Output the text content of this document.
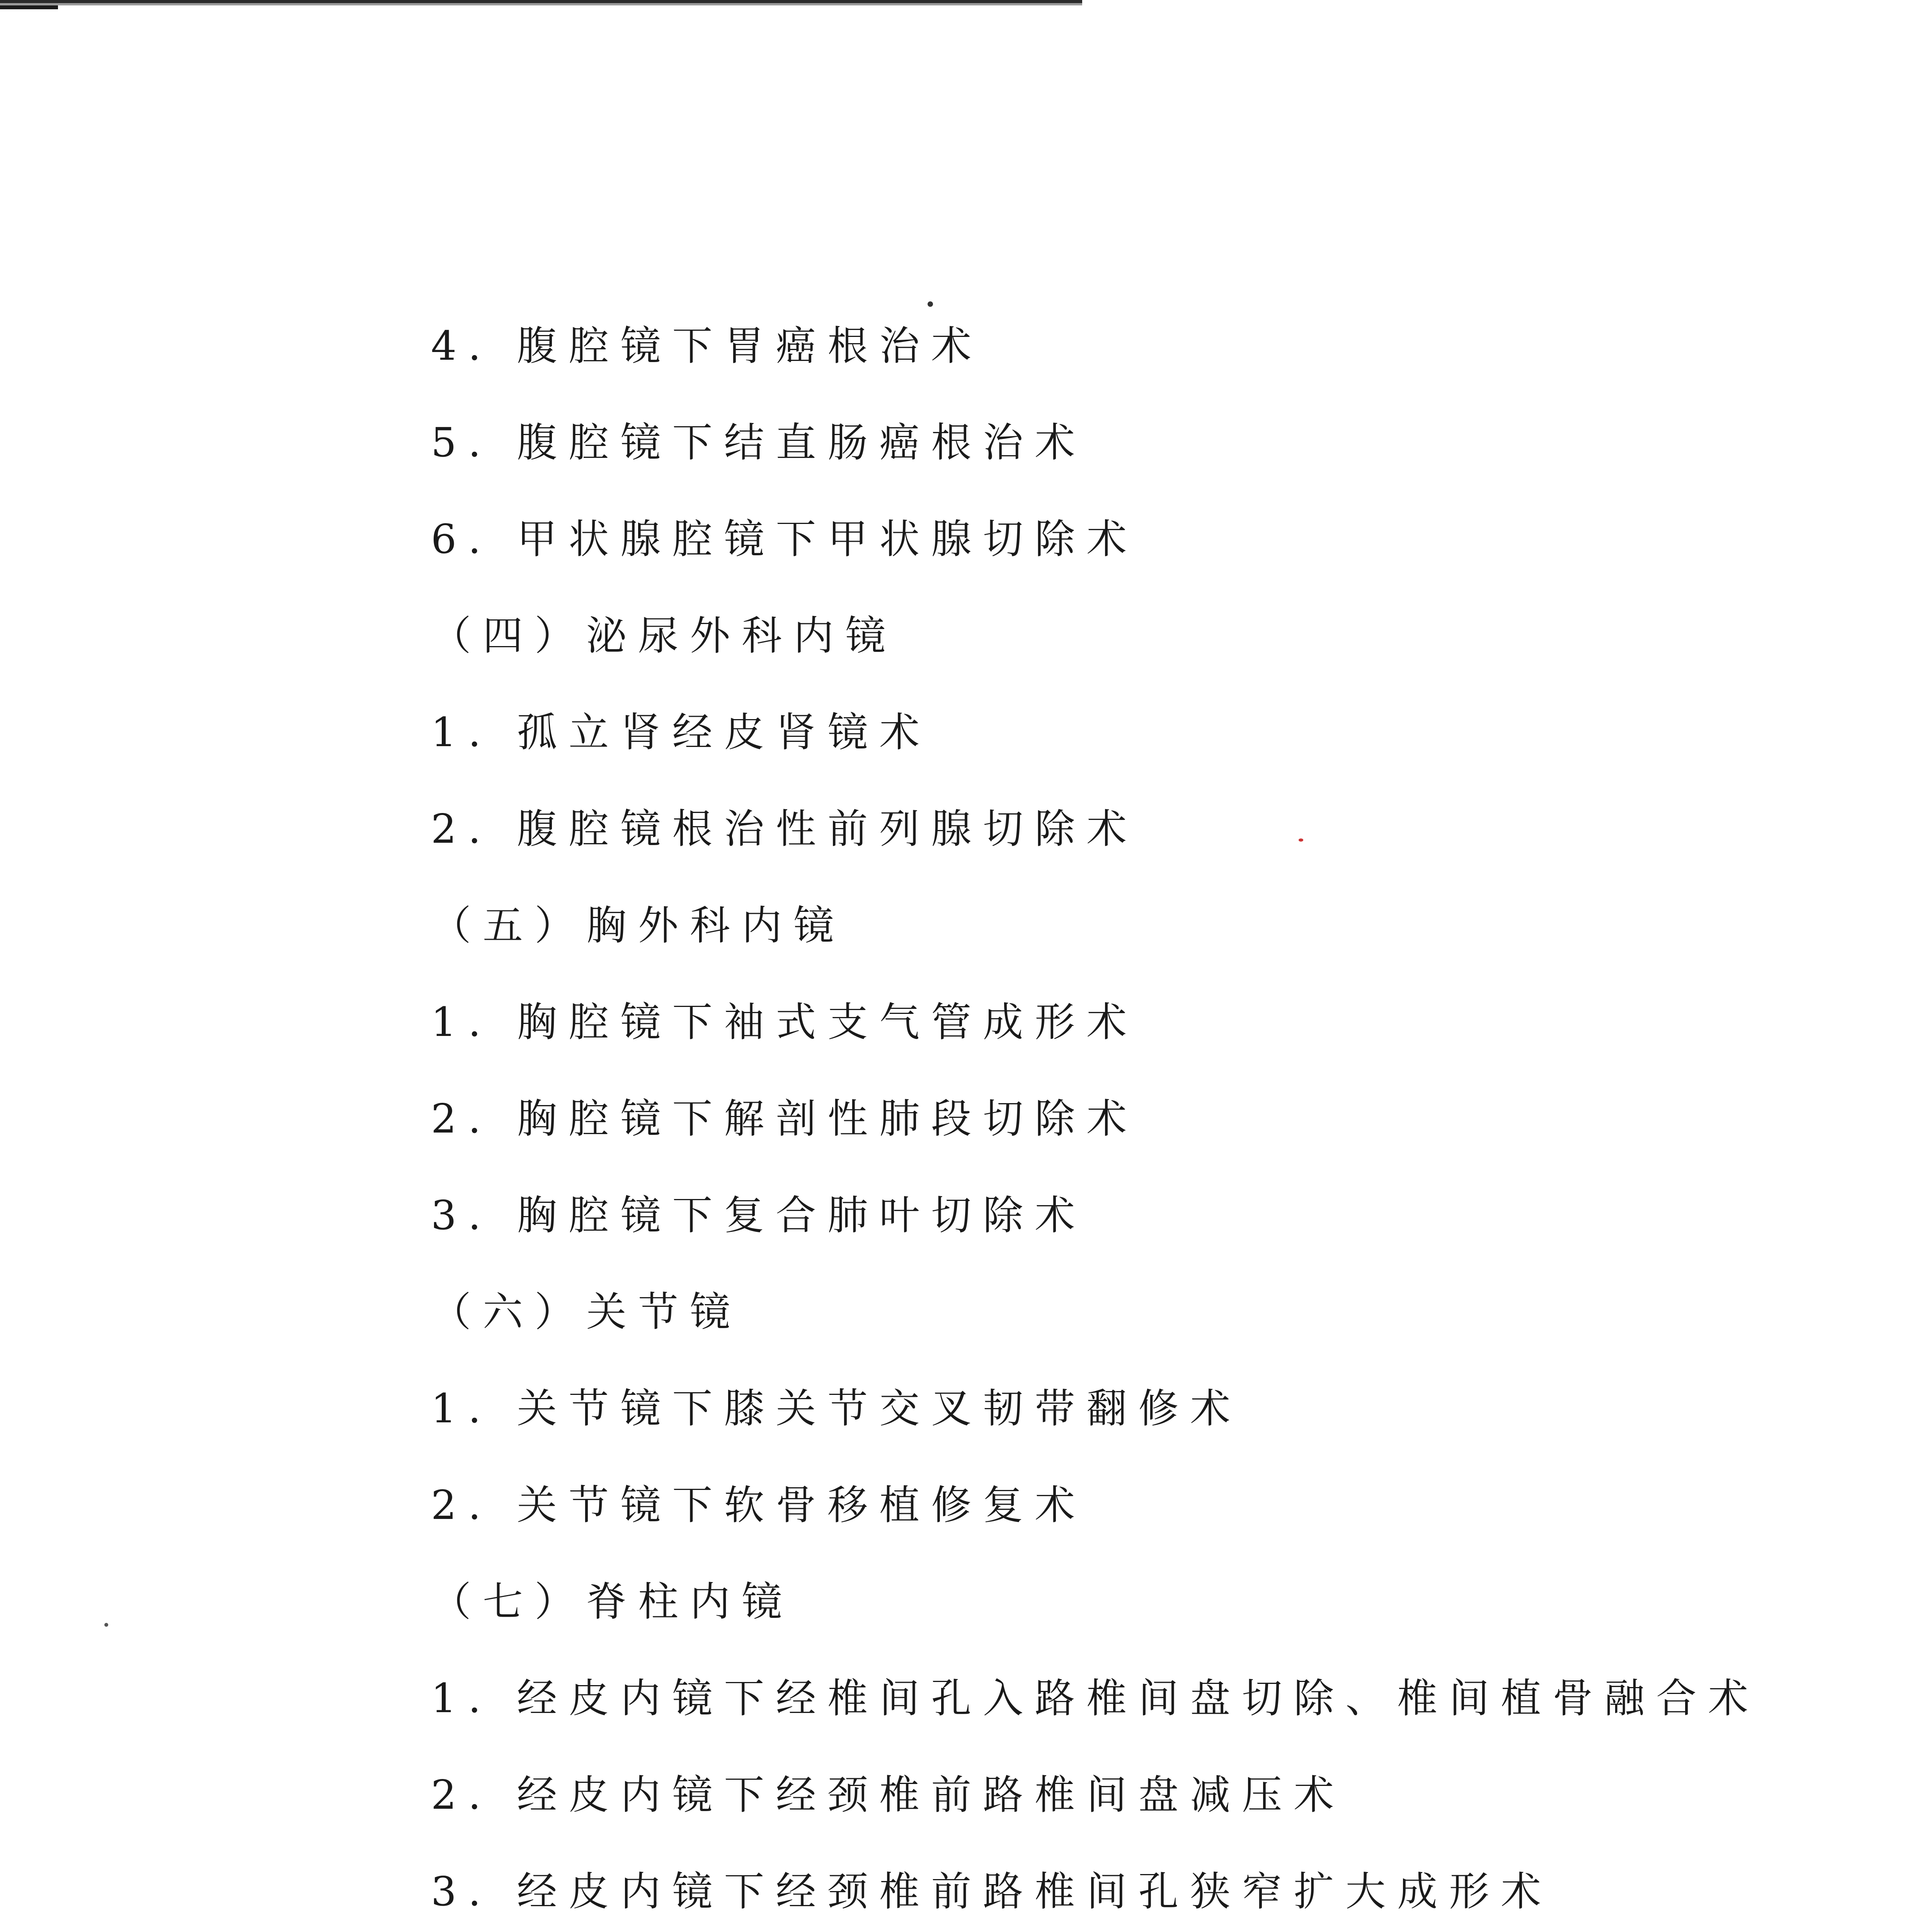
4. 腹腔镜下胃癌根治术
5. 腹腔镜下结直肠癌根治术
6. 甲状腺腔镜下甲状腺切除术
（四）泌尿外科内镜
1. 孤立肾经皮肾镜术
2. 腹腔镜根治性前列腺切除术
（五）胸外科内镜
1. 胸腔镜下袖式支气管成形术
2. 胸腔镜下解剖性肺段切除术
3. 胸腔镜下复合肺叶切除术
（六）关节镜
1. 关节镜下膝关节交叉韧带翻修术
2. 关节镜下软骨移植修复术
（七）脊柱内镜
1. 经皮内镜下经椎间孔入路椎间盘切除、椎间植骨融合术
2. 经皮内镜下经颈椎前路椎间盘减压术
3. 经皮内镜下经颈椎前路椎间孔狭窄扩大成形术
